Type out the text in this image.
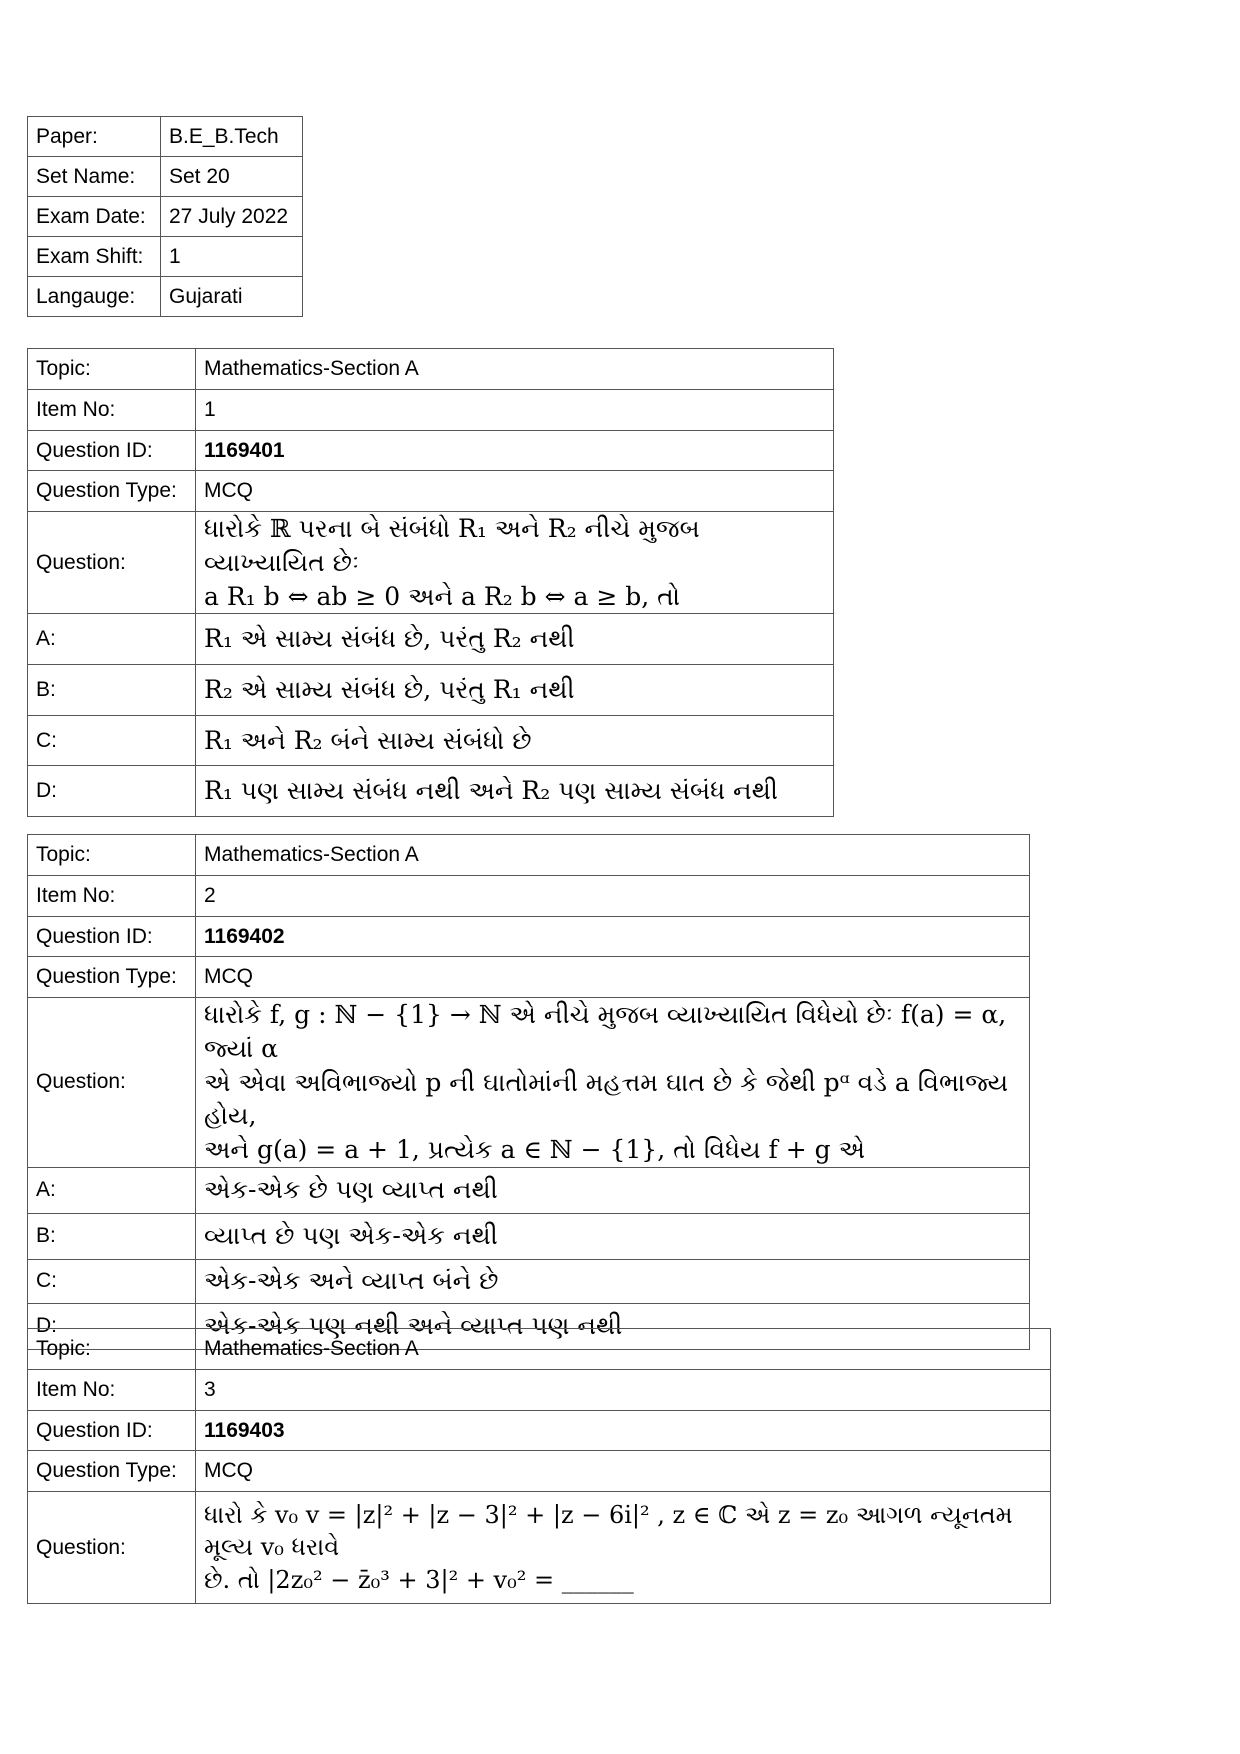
Paper:	B.E_B.Tech
Set Name:	Set 20
Exam Date:	27 July 2022
Exam Shift:	1
Langauge:	Gujarati
Topic:	Mathematics-Section A
Item No:	1
Question ID:	1169401
Question Type:	MCQ
Question:	ધારોકે ℝ પરના બે સંબંધો R₁ અને R₂ નીચે મુજબ વ્યાખ્યાયિત છેઃ
a R₁ b ⇔ ab ≥ 0 અને a R₂ b ⇔ a ≥ b, તો

A:	R₁ એ સામ્ય સંબંધ છે, પરંતુ R₂ નથી
B:	R₂ એ સામ્ય સંબંધ છે, પરંતુ R₁ નથી
C:	R₁ અને R₂ બંને સામ્ય સંબંધો છે
D:	R₁ પણ સામ્ય સંબંધ નથી અને R₂ પણ સામ્ય સંબંધ નથી
Topic:	Mathematics-Section A
Item No:	2
Question ID:	1169402
Question Type:	MCQ
Question:	ધારોકે f, g : ℕ − {1} → ℕ એ નીચે મુજબ વ્યાખ્યાયિત વિધેયો છેઃ f(a) = α, જ્યાં α
એ એવા અવિભાજ્યો p ની ઘાતોમાંની મહત્તમ ઘાત છે કે જેથી pᵅ વડે a વિભાજ્ય હોય,
અને g(a) = a + 1, પ્રત્યેક a ∈ ℕ − {1}, તો વિધેય f + g એ

A:	એક-એક છે પણ વ્યાપ્ત નથી
B:	વ્યાપ્ત છે પણ એક-એક નથી
C:	એક-એક અને વ્યાપ્ત બંને છે
D:	એક-એક પણ નથી અને વ્યાપ્ત પણ નથી
Topic:	Mathematics-Section A
Item No:	3
Question ID:	1169403
Question Type:	MCQ
Question:	ધારો કે v₀ v = |z|² + |z − 3|² + |z − 6i|² , z ∈ ℂ એ z = z₀ આગળ ન્યૂનતમ મૂલ્ય v₀ ધરાવે
છે. તો |2z₀² − z̄₀³ + 3|² + v₀² = ______
